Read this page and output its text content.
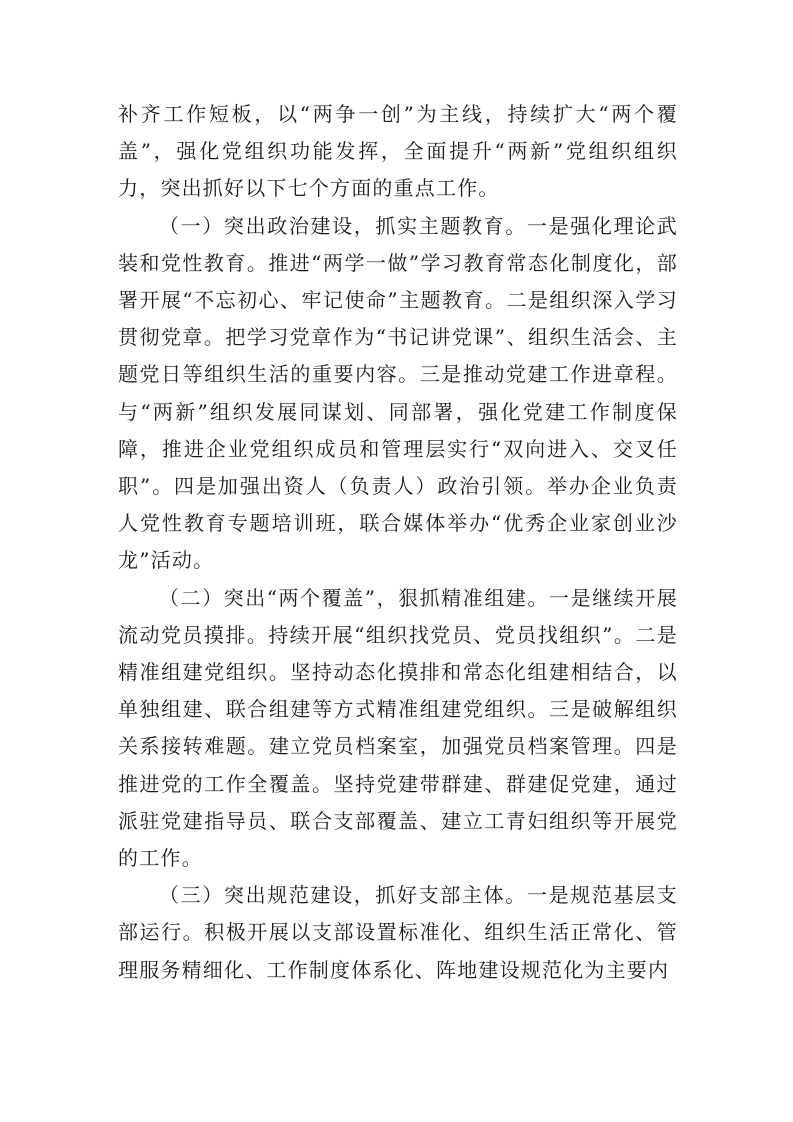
补齐工作短板，以“两争一创”为主线，持续扩大“两个覆盖”，强化党组织功能发挥，全面提升“两新”党组织组织力，突出抓好以下七个方面的重点工作。

（一）突出政治建设，抓实主题教育。一是强化理论武装和党性教育。推进“两学一做”学习教育常态化制度化，部署开展“不忘初心、牢记使命”主题教育。二是组织深入学习贯彻党章。把学习党章作为“书记讲党课”、组织生活会、主题党日等组织生活的重要内容。三是推动党建工作进章程。与“两新”组织发展同谋划、同部署，强化党建工作制度保障，推进企业党组织成员和管理层实行“双向进入、交叉任职”。四是加强出资人（负责人）政治引领。举办企业负责人党性教育专题培训班，联合媒体举办“优秀企业家创业沙龙”活动。

（二）突出“两个覆盖”，狠抓精准组建。一是继续开展流动党员摸排。持续开展“组织找党员、党员找组织”。二是精准组建党组织。坚持动态化摸排和常态化组建相结合，以单独组建、联合组建等方式精准组建党组织。三是破解组织关系接转难题。建立党员档案室，加强党员档案管理。四是推进党的工作全覆盖。坚持党建带群建、群建促党建，通过派驻党建指导员、联合支部覆盖、建立工青妇组织等开展党的工作。

（三）突出规范建设，抓好支部主体。一是规范基层支部运行。积极开展以支部设置标准化、组织生活正常化、管理服务精细化、工作制度体系化、阵地建设规范化为主要内
